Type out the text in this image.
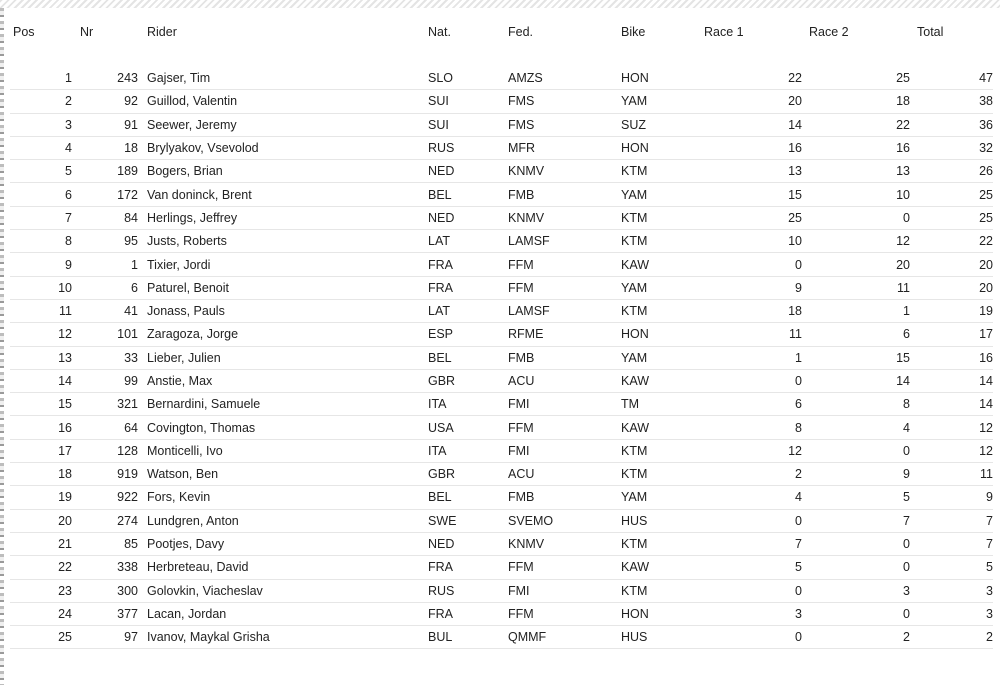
Pos	Nr	Rider	Nat.	Fed.	Bike	Race 1	Race 2	Total
1	243		Gajser, Tim	SLO	AMZS	HON	22	25	47
2	92		Guillod, Valentin	SUI	FMS	YAM	20	18	38
3	91		Seewer, Jeremy	SUI	FMS	SUZ	14	22	36
4	18		Brylyakov, Vsevolod	RUS	MFR	HON	16	16	32
5	189		Bogers, Brian	NED	KNMV	KTM	13	13	26
6	172		Van doninck, Brent	BEL	FMB	YAM	15	10	25
7	84		Herlings, Jeffrey	NED	KNMV	KTM	25	0	25
8	95		Justs, Roberts	LAT	LAMSF	KTM	10	12	22
9	1		Tixier, Jordi	FRA	FFM	KAW	0	20	20
10	6		Paturel, Benoit	FRA	FFM	YAM	9	11	20
11	41		Jonass, Pauls	LAT	LAMSF	KTM	18	1	19
12	101		Zaragoza, Jorge	ESP	RFME	HON	11	6	17
13	33		Lieber, Julien	BEL	FMB	YAM	1	15	16
14	99		Anstie, Max	GBR	ACU	KAW	0	14	14
15	321		Bernardini, Samuele	ITA	FMI	TM	6	8	14
16	64		Covington, Thomas	USA	FFM	KAW	8	4	12
17	128		Monticelli, Ivo	ITA	FMI	KTM	12	0	12
18	919		Watson, Ben	GBR	ACU	KTM	2	9	11
19	922		Fors, Kevin	BEL	FMB	YAM	4	5	9
20	274		Lundgren, Anton	SWE	SVEMO	HUS	0	7	7
21	85		Pootjes, Davy	NED	KNMV	KTM	7	0	7
22	338		Herbreteau, David	FRA	FFM	KAW	5	0	5
23	300		Golovkin, Viacheslav	RUS	FMI	KTM	0	3	3
24	377		Lacan, Jordan	FRA	FFM	HON	3	0	3
25	97		Ivanov, Maykal Grisha	BUL	QMMF	HUS	0	2	2
